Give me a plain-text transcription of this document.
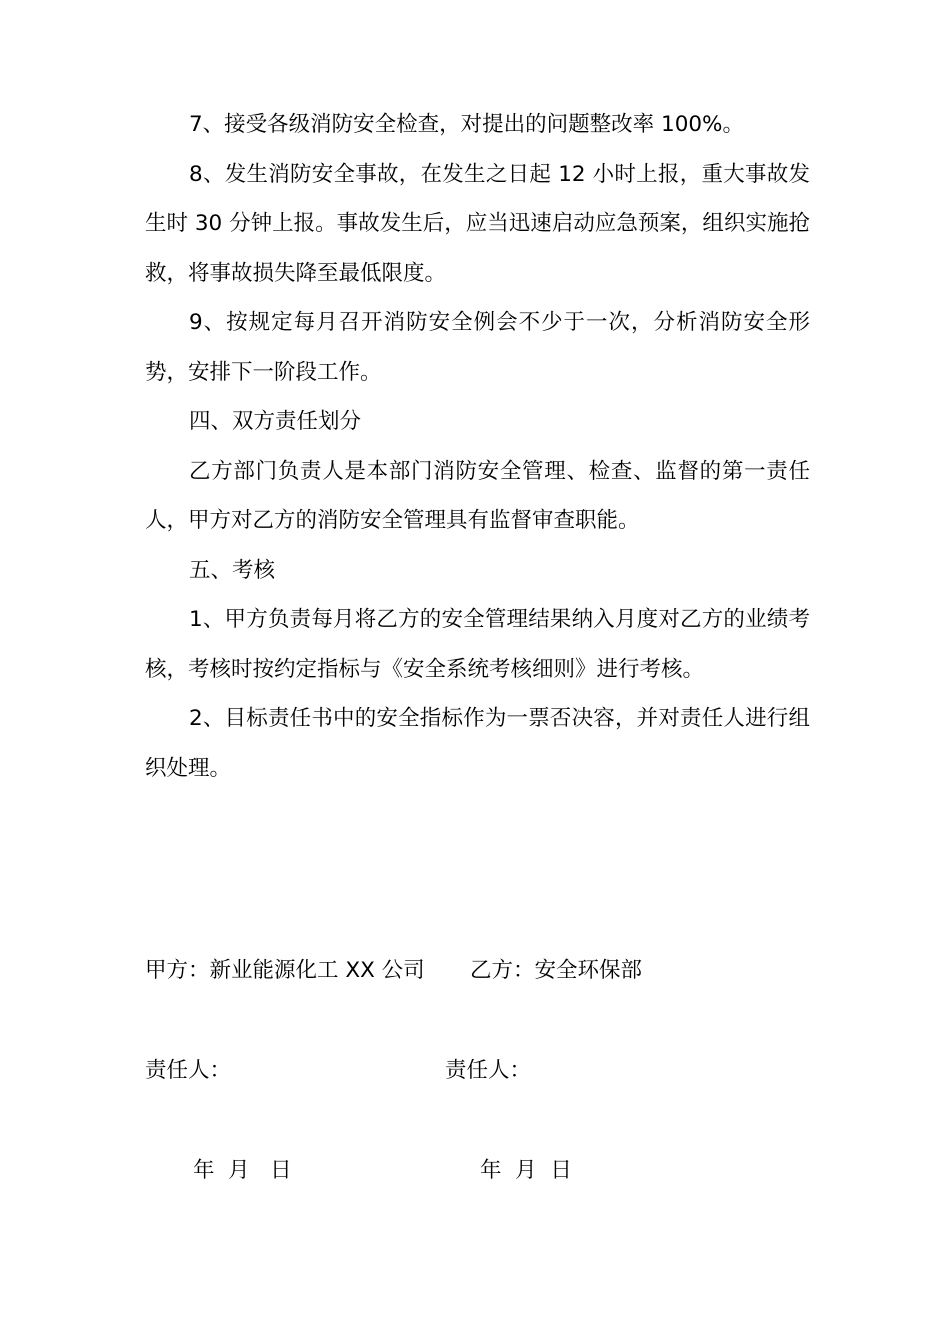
7、接受各级消防安全检查，对提出的问题整改率 100%。

8、发生消防安全事故，在发生之日起 12 小时上报，重大事故发生时 30 分钟上报。事故发生后，应当迅速启动应急预案，组织实施抢救，将事故损失降至最低限度。

9、按规定每月召开消防安全例会不少于一次，分析消防安全形势，安排下一阶段工作。

四、双方责任划分

乙方部门负责人是本部门消防安全管理、检查、监督的第一责任人，甲方对乙方的消防安全管理具有监督审查职能。

五、考核

1、甲方负责每月将乙方的安全管理结果纳入月度对乙方的业绩考核，考核时按约定指标与《安全系统考核细则》进行考核。

2、目标责任书中的安全指标作为一票否决容，并对责任人进行组织处理。

甲方：新业能源化工 XX 公司 乙方：安全环保部
责任人：	责任人：
年  月   日	年  月  日
